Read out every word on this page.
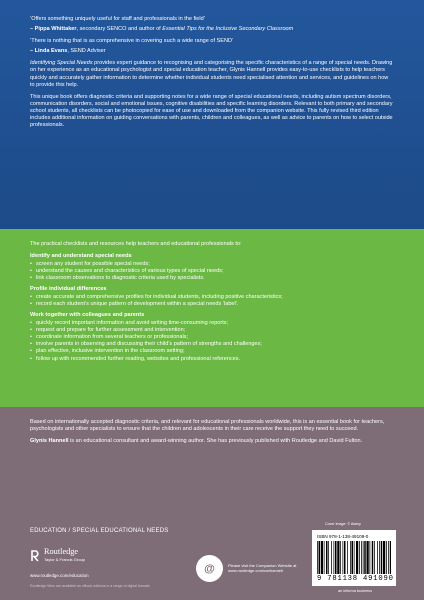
‘Offers something uniquely useful for staff and professionals in the field’

– Pippa Whittaker, secondary SENCO and author of Essential Tips for the Inclusive Secondary Classroom

‘There is nothing that is as comprehensive in covering such a wide range of SEND’

– Linda Evans, SEND Adviser

Identifying Special Needs provides expert guidance to recognising and categorising the specific characteristics of a range of special needs. Drawing on her experience as an educational psychologist and special education teacher, Glynis Hannell provides easy-to-use checklists to help teachers quickly and accurately gather information to determine whether individual students need specialised attention and services, and guidelines on how to provide this help.

This unique book offers diagnostic criteria and supporting notes for a wide range of special educational needs, including autism spectrum disorders, communication disorders, social and emotional issues, cognitive disabilities and specific learning disorders. Relevant to both primary and secondary school students, all checklists can be photocopied for ease of use and downloaded from the companion website. This fully revised third edition includes additional information on guiding conversations with parents, children and colleagues, as well as advice to parents on how to select outside professionals.

The practical checklists and resources help teachers and educational professionals to:

Identify and understand special needs
• screen any student for possible special needs;
• understand the causes and characteristics of various types of special needs;
• link classroom observations to diagnostic criteria used by specialists.
Profile individual differences
• create accurate and comprehensive profiles for individual students, including positive characteristics;
• record each student’s unique pattern of development within a special needs ‘label’.
Work together with colleagues and parents
• quickly record important information and avoid writing time-consuming reports;
• request and prepare for further assessment and intervention;
• coordinate information from several teachers or professionals;
• involve parents in observing and discussing their child’s pattern of strengths and challenges;
• plan effective, inclusive intervention in the classroom setting;
• follow up with recommended further reading, websites and professional references.

Based on internationally accepted diagnostic criteria, and relevant for educational professionals worldwide, this is an essential book for teachers, psychologists and other specialists to ensure that the children and adolescents in their care receive the support they need to succeed.

Glynis Hannell is an educational consultant and award-winning author. She has previously published with Routledge and David Fulton.

EDUCATION / SPECIAL EDUCATIONAL NEEDS
Routledge
Taylor & Francis Group
www.routledge.com/education
Routledge titles are available as eBook editions in a range of digital formats
@	Please visit the Companion Website at www.routledge.com/cw/hannell
Cover image: © Alamy
ISBN 978-1-138-49109-0
9 781138 491090
an informa business
